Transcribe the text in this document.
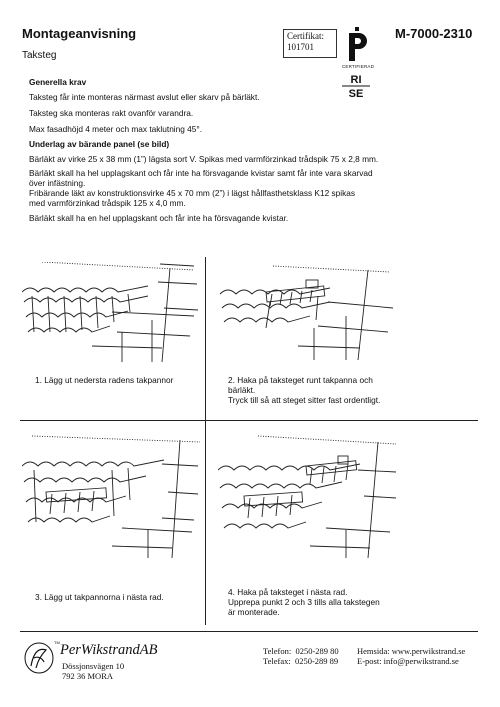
Montageanvisning
Taksteg
Certifikat:
101701
CERTIFIERAD
RI
SE
M-7000-2310
Generella krav
Taksteg får inte monteras närmast avslut eller skarv på bärläkt.
Taksteg ska monteras rakt ovanför varandra.
Max fasadhöjd 4 meter och max taklutning 45°.
Underlag av bärande panel (se bild)
Bärläkt av virke 25 x 38 mm (1”) lägsta sort V. Spikas med varmförzinkad trådspik 75 x 2,8 mm.
Bärläkt skall ha hel upplagskant och får inte ha försvagande kvistar samt får inte vara skarvad
över infästning.
Fribärande läkt av konstruktionsvirke 45 x 70 mm (2”) i lägst hållfasthetsklass K12 spikas
med varmförzinkad trådspik 125 x 4,0 mm.
Bärläkt skall ha en hel upplagskant och får inte ha försvagande kvistar.
1. Lägg ut nedersta radens takpannor	2. Haka på taksteget runt takpanna och
bärläkt.
Tryck till så att steget sitter fast ordentligt.
3. Lägg ut takpannorna i nästa rad.	4. Haka på taksteget i nästa rad.
Upprepa punkt 2 och 3 tills alla takstegen
är monterade.
TM PerWikstrandAB
Dössjonsvägen 10
792 36 MORA
Telefon:  0250-289 80
Telefax:  0250-289 89
Hemsida: www.perwikstrand.se
E-post: info@perwikstrand.se
